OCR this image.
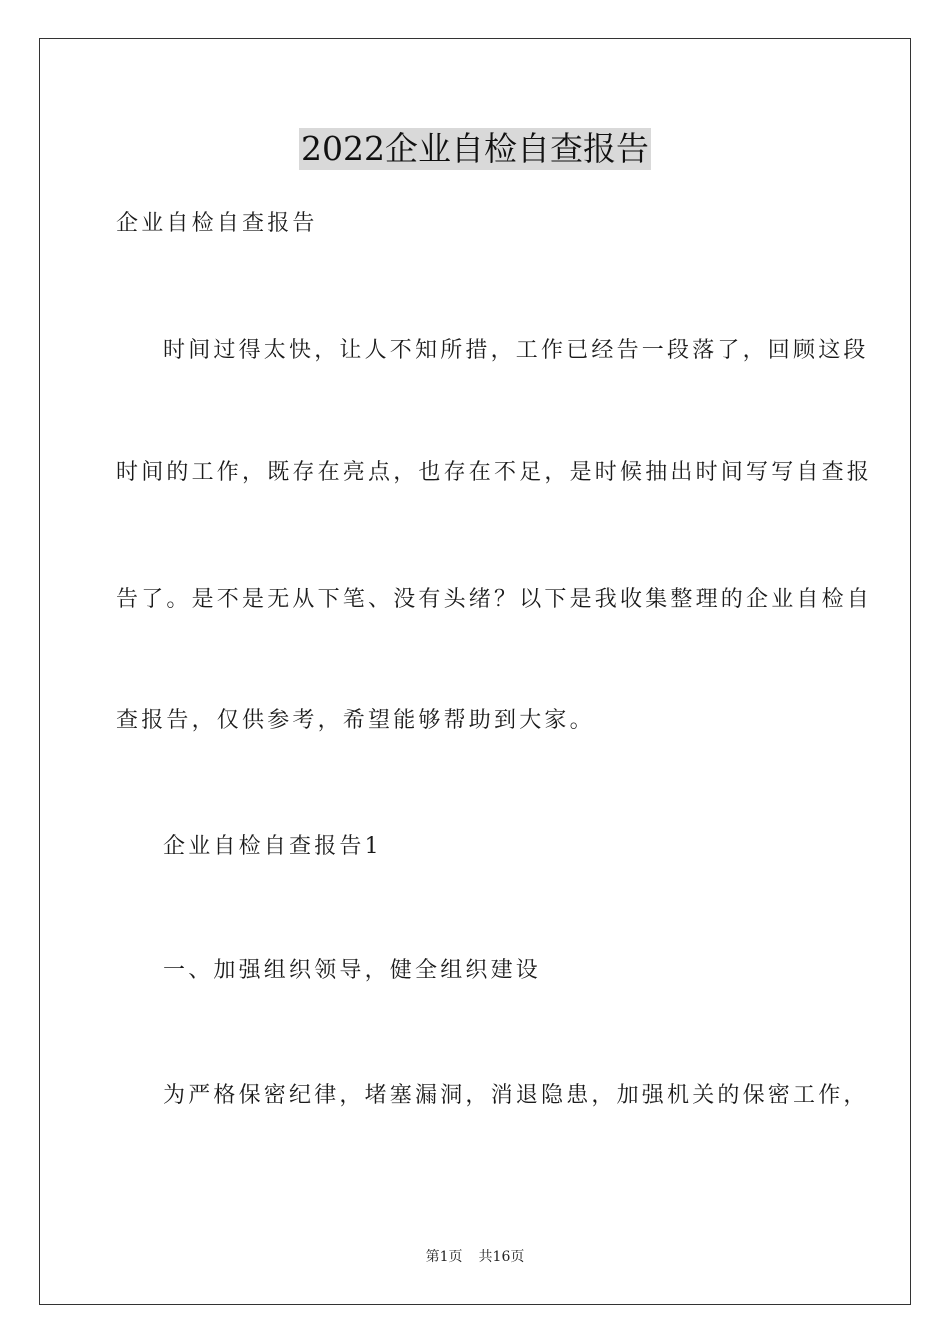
2022企业自检自查报告
企业自检自查报告
时间过得太快，让人不知所措，工作已经告一段落了，回顾这段
时间的工作，既存在亮点，也存在不足，是时候抽出时间写写自查报
告了。是不是无从下笔、没有头绪？以下是我收集整理的企业自检自
查报告，仅供参考，希望能够帮助到大家。
企业自检自查报告1
一、加强组织领导，健全组织建设
为严格保密纪律，堵塞漏洞，消退隐患，加强机关的保密工作，
第1页 共16页
